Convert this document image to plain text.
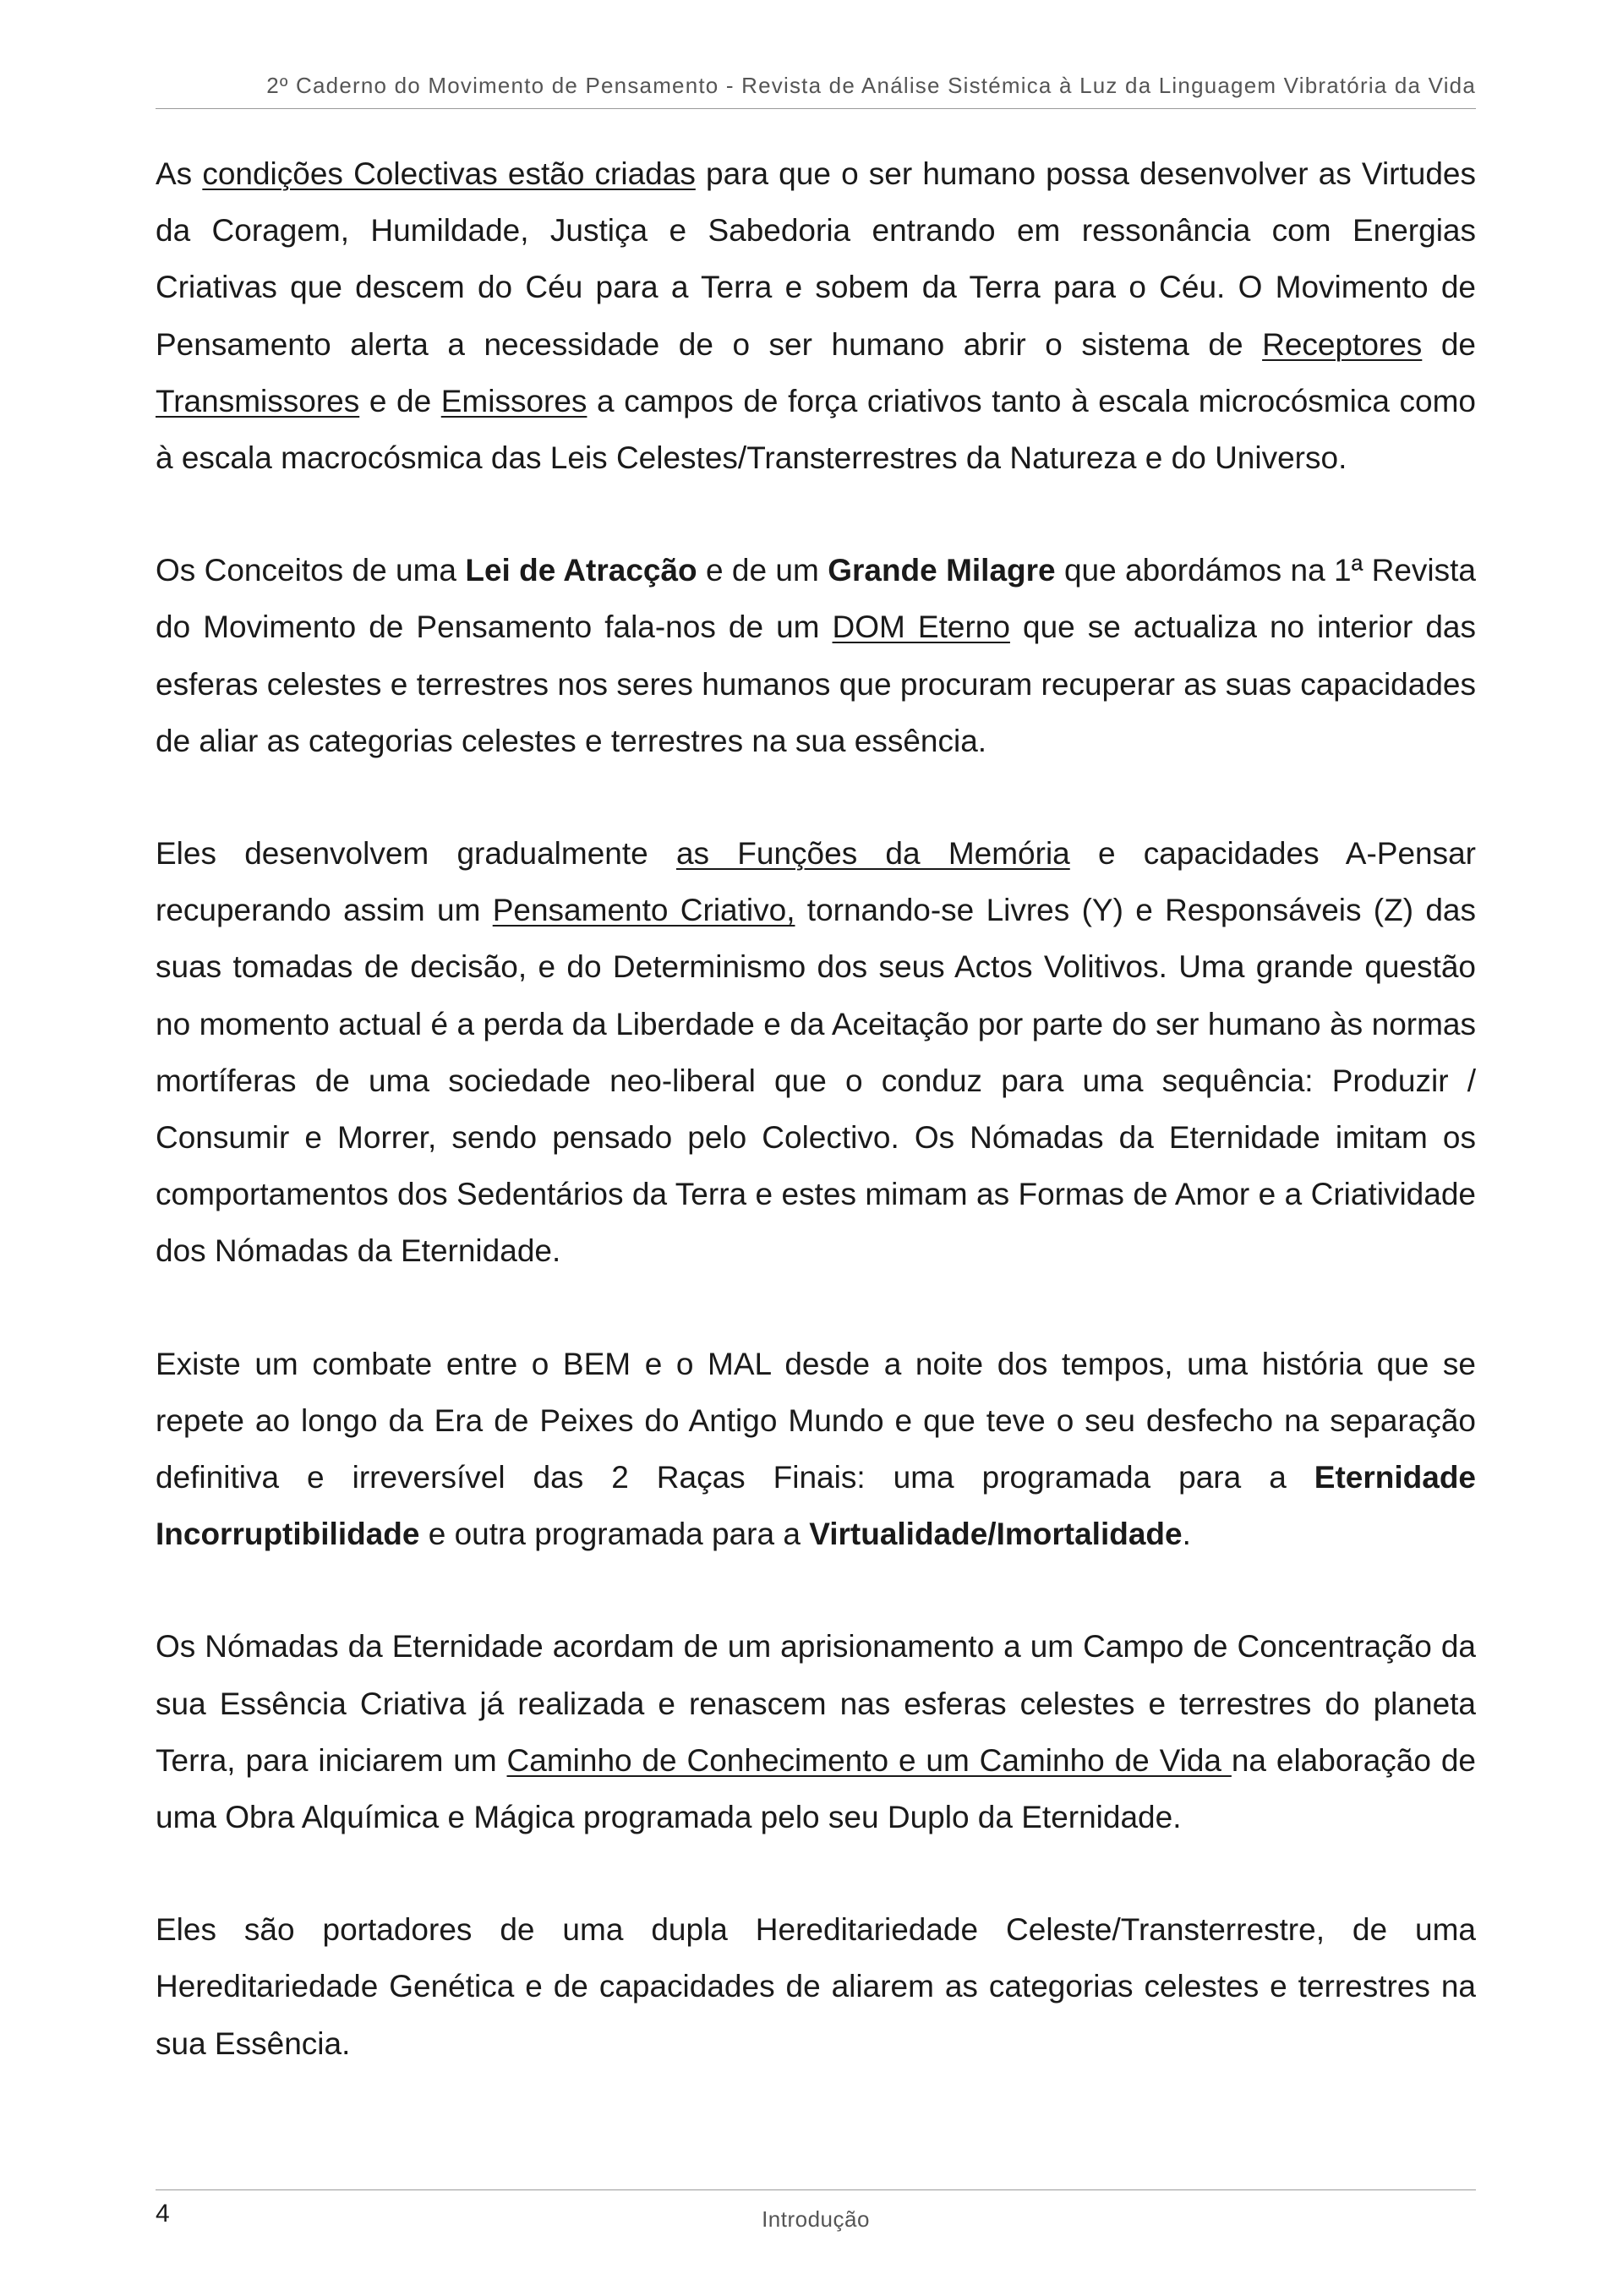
2º Caderno do Movimento de Pensamento - Revista de Análise Sistémica à Luz da Linguagem Vibratória da Vida

As condições Colectivas estão criadas para que o ser humano possa desenvolver as Virtudes da Coragem, Humildade, Justiça e Sabedoria entrando em ressonância com Energias Criativas que descem do Céu para a Terra e sobem da Terra para o Céu. O Movimento de Pensamento alerta a necessidade de o ser humano abrir o sistema de Receptores de Transmissores e de Emissores a campos de força criativos tanto à escala microcósmica como à escala macrocósmica das Leis Celestes/Transterrestres da Natureza e do Universo.

Os Conceitos de uma Lei de Atracção e de um Grande Milagre que abordámos na 1ª Revista do Movimento de Pensamento fala-nos de um DOM Eterno que se actualiza no interior das esferas celestes e terrestres nos seres humanos que procuram recuperar as suas capacidades de aliar as categorias celestes e terrestres na sua essência.

Eles desenvolvem gradualmente as Funções da Memória e capacidades A-Pensar recuperando assim um Pensamento Criativo, tornando-se Livres (Y) e Responsáveis (Z) das suas tomadas de decisão, e do Determinismo dos seus Actos Volitivos. Uma grande questão no momento actual é a perda da Liberdade e da Aceitação por parte do ser humano às normas mortíferas de uma sociedade neo-liberal que o conduz para uma sequência: Produzir / Consumir e Morrer, sendo pensado pelo Colectivo. Os Nómadas da Eternidade imitam os comportamentos dos Sedentários da Terra e estes mimam as Formas de Amor e a Criatividade dos Nómadas da Eternidade.

Existe um combate entre o BEM e o MAL desde a noite dos tempos, uma história que se repete ao longo da Era de Peixes do Antigo Mundo e que teve o seu desfecho na separação definitiva e irreversível das 2 Raças Finais: uma programada para a Eternidade Incorruptibilidade e outra programada para a Virtualidade/Imortalidade.

Os Nómadas da Eternidade acordam de um aprisionamento a um Campo de Concentração da sua Essência Criativa já realizada e renascem nas esferas celestes e terrestres do planeta Terra, para iniciarem um Caminho de Conhecimento e um Caminho de Vida na elaboração de uma Obra Alquímica e Mágica programada pelo seu Duplo da Eternidade.

Eles são portadores de uma dupla Hereditariedade Celeste/Transterrestre, de uma Hereditariedade Genética e de capacidades de aliarem as categorias celestes e terrestres na sua Essência.

4	Introdução
